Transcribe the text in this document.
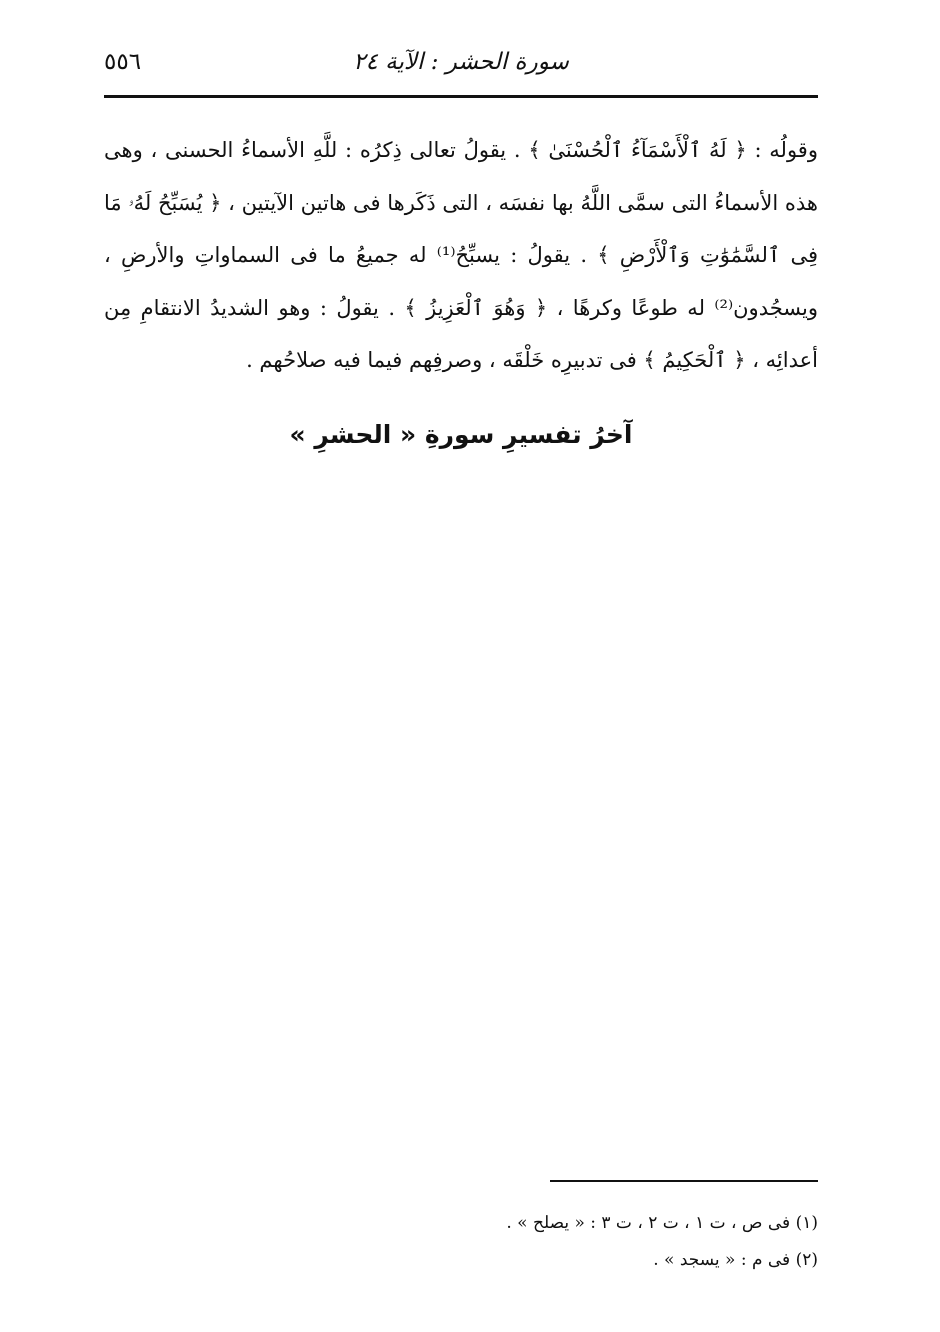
٥٥٦	سورة الحشر : الآية ٢٤

وقولُه : ﴿ لَهُ ٱلْأَسْمَآءُ ٱلْحُسْنَىٰ ﴾ . يقولُ تعالى ذِكرُه : للَّهِ الأسماءُ الحسنى ، وهى هذه الأسماءُ التى سمَّى اللَّهُ بها نفسَه ، التى ذَكَرها فى هاتين الآيتين ، ﴿ يُسَبِّحُ لَهُۥ مَا فِى ٱلسَّمَٰوَٰتِ وَٱلْأَرْضِ ﴾ . يقولُ : يسبِّحُ⁽¹⁾ له جميعُ ما فى السماواتِ والأرضِ ، ويسجُدون⁽²⁾ له طوعًا وكرهًا ، ﴿ وَهُوَ ٱلْعَزِيزُ ﴾ . يقولُ : وهو الشديدُ الانتقامِ مِن أعدائِه ، ﴿ ٱلْحَكِيمُ ﴾ فى تدبيرِه خَلْقَه ، وصرفِهم فيما فيه صلاحُهم .

آخرُ تفسيرِ سورةِ « الحشرِ »

(١) فى ص ، ت ١ ، ت ٢ ، ت ٣ : « يصلح » .

(٢) فى م : « يسجد » .
